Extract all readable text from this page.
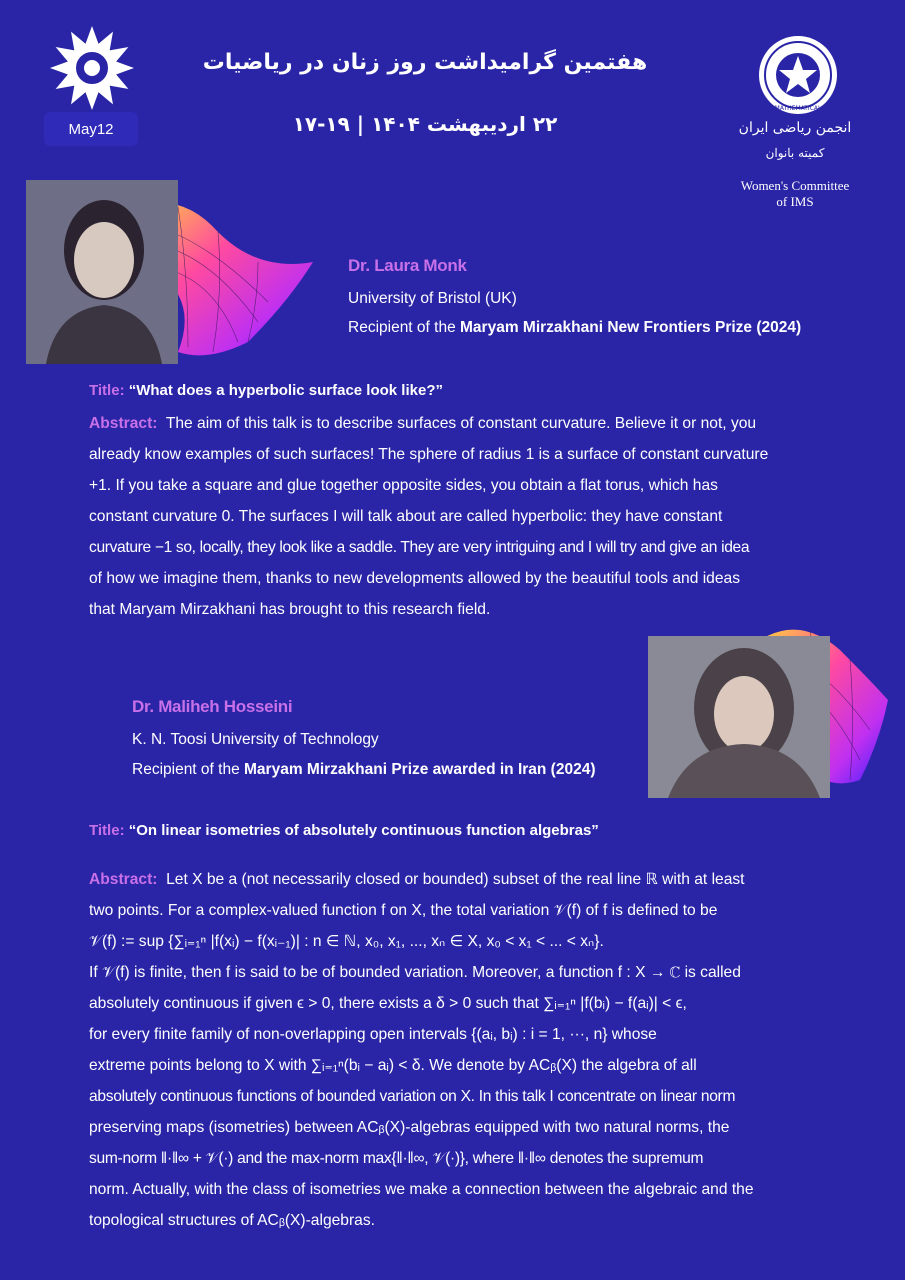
May12
هفتمین گرامیداشت روز زنان در ریاضیات
۲۲ اردیبهشت ۱۴۰۴ | ۱۹-۱۷
MATHEMATICAL
انجمن ریاضی ایران
کمیته بانوان
Women's Committee
of IMS
Dr. Laura Monk
University of Bristol (UK)
Recipient of the Maryam Mirzakhani New Frontiers Prize (2024)
Title: “What does a hyperbolic surface look like?”
Abstract: The aim of this talk is to describe surfaces of constant curvature. Believe it or not, you
already know examples of such surfaces! The sphere of radius 1 is a surface of constant curvature
+1. If you take a square and glue together opposite sides, you obtain a flat torus, which has
constant curvature 0. The surfaces I will talk about are called hyperbolic: they have constant
curvature −1 so, locally, they look like a saddle. They are very intriguing and I will try and give an idea
of how we imagine them, thanks to new developments allowed by the beautiful tools and ideas
that Maryam Mirzakhani has brought to this research field.
Dr. Maliheh Hosseini
K. N. Toosi University of Technology
Recipient of the Maryam Mirzakhani Prize awarded in Iran (2024)
Title: “On linear isometries of absolutely continuous function algebras”
Abstract: Let X be a (not necessarily closed or bounded) subset of the real line ℝ with at least
two points. For a complex-valued function f on X, the total variation 𝒱(f) of f is defined to be
𝒱(f) := sup {∑ᵢ₌₁ⁿ |f(xᵢ) − f(xᵢ₋₁)| : n ∈ ℕ, x₀, x₁, ..., xₙ ∈ X, x₀ < x₁ < ... < xₙ}.
If 𝒱(f) is finite, then f is said to be of bounded variation. Moreover, a function f : X → ℂ is called
absolutely continuous if given ϵ > 0, there exists a δ > 0 such that ∑ᵢ₌₁ⁿ |f(bᵢ) − f(aᵢ)| < ϵ,
for every finite family of non-overlapping open intervals {(aᵢ, bᵢ) : i = 1, ···, n} whose
extreme points belong to X with ∑ᵢ₌₁ⁿ(bᵢ − aᵢ) < δ. We denote by ACᵦ(X) the algebra of all
absolutely continuous functions of bounded variation on X. In this talk I concentrate on linear norm
preserving maps (isometries) between ACᵦ(X)-algebras equipped with two natural norms, the
sum-norm ‖·‖∞ + 𝒱(·) and the max-norm max{‖·‖∞, 𝒱(·)}, where ‖·‖∞ denotes the supremum
norm. Actually, with the class of isometries we make a connection between the algebraic and the
topological structures of ACᵦ(X)-algebras.
